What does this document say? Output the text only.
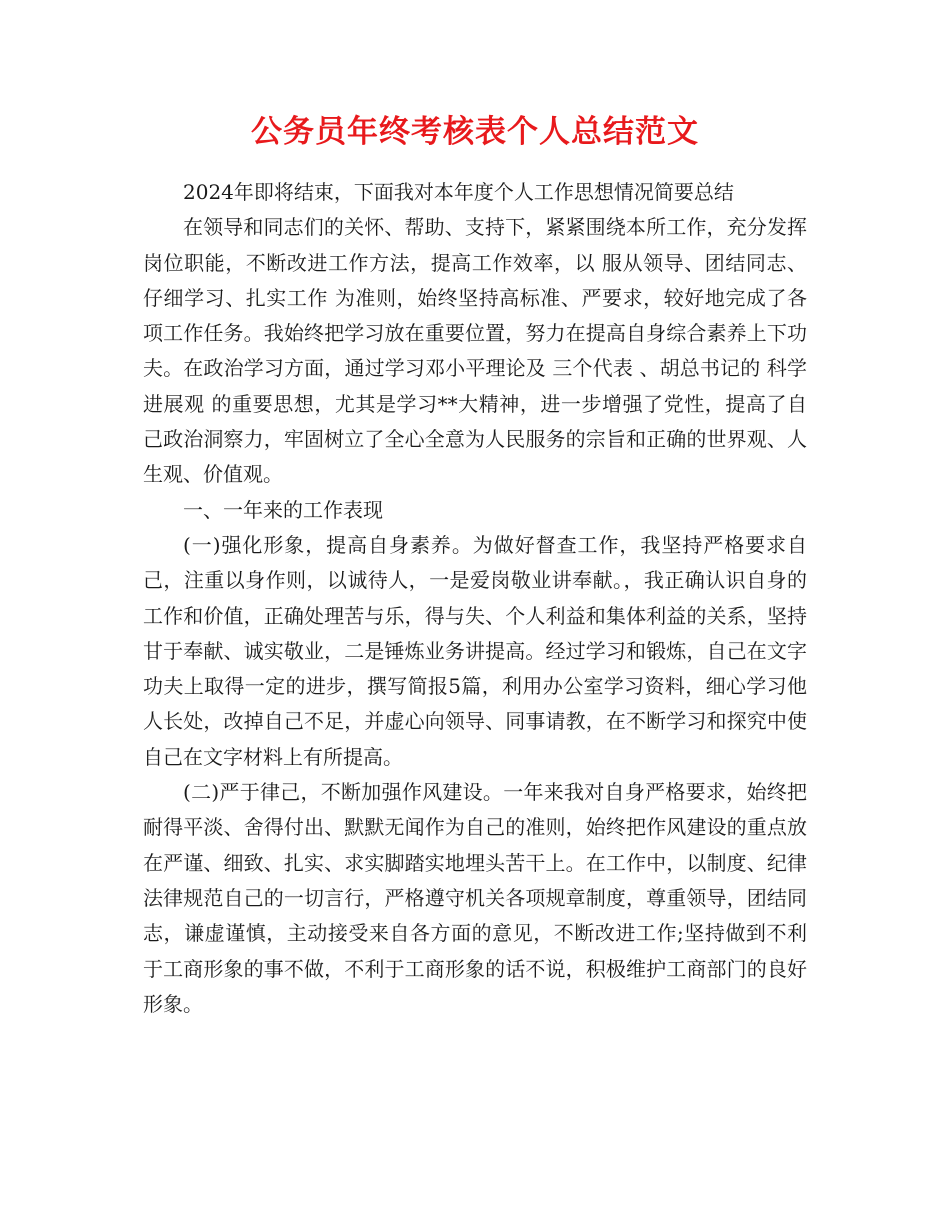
公务员年终考核表个人总结范文

2024年即将结束，下面我对本年度个人工作思想情况简要总结

在领导和同志们的关怀、帮助、支持下，紧紧围绕本所工作，充分发挥岗位职能，不断改进工作方法，提高工作效率，以 服从领导、团结同志、仔细学习、扎实工作 为准则，始终坚持高标准、严要求，较好地完成了各项工作任务。我始终把学习放在重要位置，努力在提高自身综合素养上下功夫。在政治学习方面，通过学习邓小平理论及 三个代表 、胡总书记的 科学进展观 的重要思想，尤其是学习**大精神，进一步增强了党性，提高了自己政治洞察力，牢固树立了全心全意为人民服务的宗旨和正确的世界观、人生观、价值观。

一、一年来的工作表现

(一)强化形象，提高自身素养。为做好督查工作，我坚持严格要求自己，注重以身作则，以诚待人，一是爱岗敬业讲奉献。，我正确认识自身的工作和价值，正确处理苦与乐，得与失、个人利益和集体利益的关系，坚持甘于奉献、诚实敬业，二是锤炼业务讲提高。经过学习和锻炼，自己在文字功夫上取得一定的进步，撰写简报5篇，利用办公室学习资料，细心学习他人长处，改掉自己不足，并虚心向领导、同事请教，在不断学习和探究中使自己在文字材料上有所提高。

(二)严于律己，不断加强作风建设。一年来我对自身严格要求，始终把耐得平淡、舍得付出、默默无闻作为自己的准则，始终把作风建设的重点放在严谨、细致、扎实、求实脚踏实地埋头苦干上。在工作中，以制度、纪律法律规范自己的一切言行，严格遵守机关各项规章制度，尊重领导，团结同志，谦虚谨慎，主动接受来自各方面的意见，不断改进工作;坚持做到不利于工商形象的事不做，不利于工商形象的话不说，积极维护工商部门的良好形象。
